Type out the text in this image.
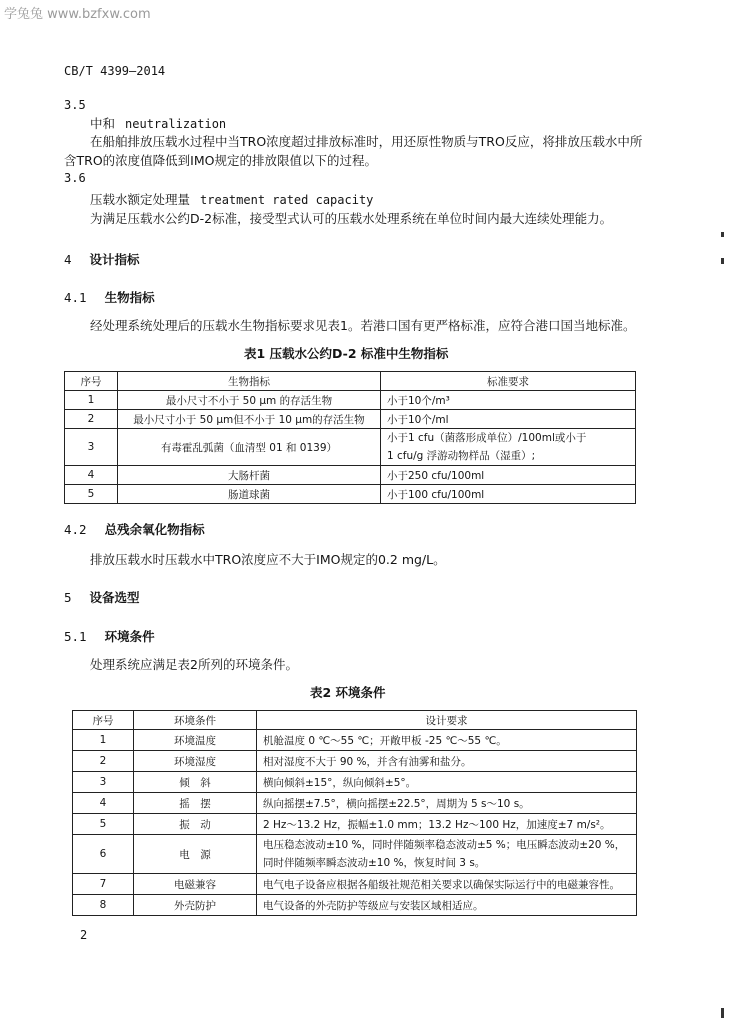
学兔兔 www.bzfxw.com
CB/T 4399—2014
3.5
中和 neutralization
在船舶排放压载水过程中当TRO浓度超过排放标准时，用还原性物质与TRO反应，将排放压载水中所
含TRO的浓度值降低到IMO规定的排放限值以下的过程。
3.6
压载水额定处理量 treatment rated capacity
为满足压载水公约D-2标准，接受型式认可的压载水处理系统在单位时间内最大连续处理能力。
4 设计指标
4.1 生物指标
经处理系统处理后的压载水生物指标要求见表1。若港口国有更严格标准，应符合港口国当地标准。
表1 压载水公约D-2 标准中生物指标
序号	生物指标	标准要求
1	最小尺寸不小于 50 μm 的存活生物	小于10个/m³
2	最小尺寸小于 50 μm但不小于 10 μm的存活生物	小于10个/ml
3	有毒霍乱弧菌（血清型 01 和 0139）	小于1 cfu（菌落形成单位）/100ml或小于
1 cfu/g 浮游动物样品（湿重）;

4	大肠杆菌	小于250 cfu/100ml
5	肠道球菌	小于100 cfu/100ml
4.2 总残余氧化物指标
排放压载水时压载水中TRO浓度应不大于IMO规定的0.2 mg/L。
5 设备选型
5.1 环境条件
处理系统应满足表2所列的环境条件。
表2 环境条件
序号	环境条件	设计要求
1	环境温度	机舱温度 0 ℃～55 ℃；开敞甲板 -25 ℃～55 ℃。
2	环境湿度	相对湿度不大于 90 %，并含有油雾和盐分。
3	倾　斜	横向倾斜±15°，纵向倾斜±5°。
4	摇　摆	纵向摇摆±7.5°，横向摇摆±22.5°，周期为 5 s～10 s。
5	振　动	2 Hz～13.2 Hz，振幅±1.0 mm；13.2 Hz～100 Hz，加速度±7 m/s²。
6	电　源	电压稳态波动±10 %，同时伴随频率稳态波动±5 %；电压瞬态波动±20 %，
同时伴随频率瞬态波动±10 %，恢复时间 3 s。

7	电磁兼容	电气电子设备应根据各船级社规范相关要求以确保实际运行中的电磁兼容性。
8	外壳防护	电气设备的外壳防护等级应与安装区域相适应。
2
